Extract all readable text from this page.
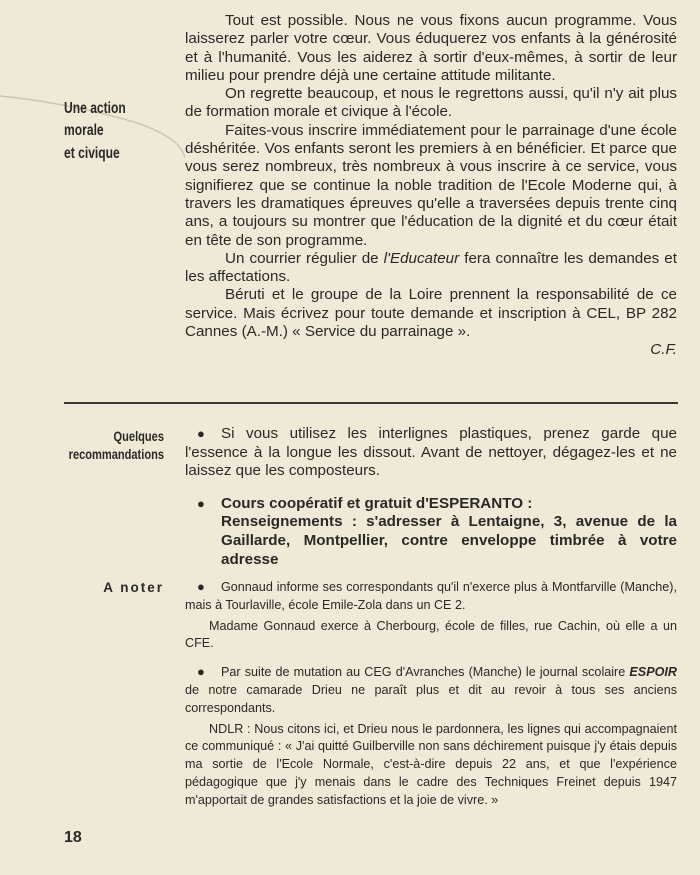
Une action
morale
et civique

Tout est possible. Nous ne vous fixons aucun programme. Vous laisserez parler votre cœur. Vous éduquerez vos enfants à la générosité et à l'humanité. Vous les aiderez à sortir d'eux-mêmes, à sortir de leur milieu pour prendre déjà une certaine attitude militante.

On regrette beaucoup, et nous le regrettons aussi, qu'il n'y ait plus de formation morale et civique à l'école.

Faites-vous inscrire immédiatement pour le parrainage d'une école déshéritée. Vos enfants seront les premiers à en bénéficier. Et parce que vous serez nombreux, très nombreux à vous inscrire à ce service, vous signifierez que se continue la noble tradition de l'Ecole Moderne qui, à travers les dramatiques épreuves qu'elle a traversées depuis trente cinq ans, a toujours su montrer que l'éducation de la dignité et du cœur était en tête de son programme.

Un courrier régulier de l'Educateur fera connaître les demandes et les affectations.

Béruti et le groupe de la Loire prennent la responsabilité de ce service. Mais écrivez pour toute demande et inscription à CEL, BP 282 Cannes (A.-M.) « Service du parrainage ».

C.F.

Quelques
recommandations

● Si vous utilisez les interlignes plastiques, prenez garde que l'essence à la longue les dissout. Avant de nettoyer, dégagez-les et ne laissez que les composteurs.

● Cours coopératif et gratuit d'ESPERANTO :

Renseignements : s'adresser à Lentaigne, 3, avenue de la Gaillarde, Montpellier, contre enveloppe timbrée à votre adresse

A noter	● Gonnaud informe ses correspondants qu'il n'exerce plus à Montfarville (Manche), mais à Tourlaville, école Emile-Zola dans un CE 2.

Madame Gonnaud exerce à Cherbourg, école de filles, rue Cachin, où elle a un CFE.

● Par suite de mutation au CEG d'Avranches (Manche) le journal scolaire ESPOIR de notre camarade Drieu ne paraît plus et dit au revoir à tous ses anciens correspondants.

NDLR : Nous citons ici, et Drieu nous le pardonnera, les lignes qui accompagnaient ce communiqué : « J'ai quitté Guilberville non sans déchirement puisque j'y étais depuis ma sortie de l'Ecole Normale, c'est-à-dire depuis 22 ans, et que l'expérience pédagogique que j'y menais dans le cadre des Techniques Freinet depuis 1947 m'apportait de grandes satisfactions et la joie de vivre. »

18
